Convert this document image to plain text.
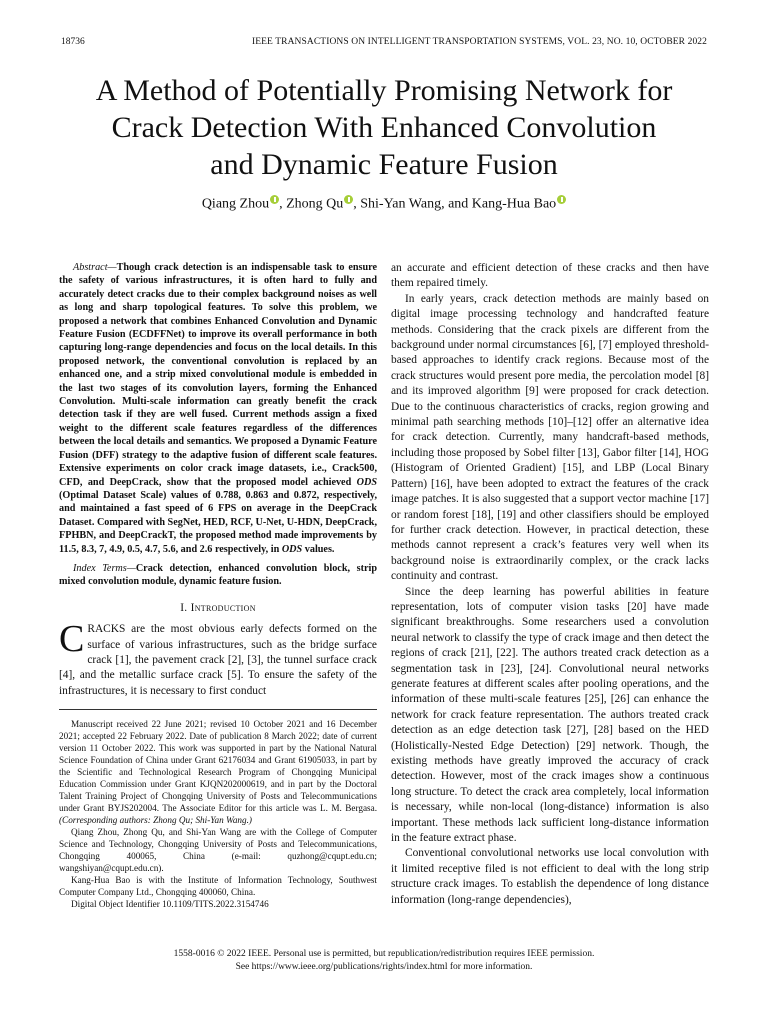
18736	IEEE TRANSACTIONS ON INTELLIGENT TRANSPORTATION SYSTEMS, VOL. 23, NO. 10, OCTOBER 2022
A Method of Potentially Promising Network for
Crack Detection With Enhanced Convolution
and Dynamic Feature Fusion
Qiang Zhou , Zhong Qu , Shi-Yan Wang, and Kang-Hua Bao

Abstract—Though crack detection is an indispensable task to ensure the safety of various infrastructures, it is often hard to fully and accurately detect cracks due to their complex background noises as well as long and sharp topological features. To solve this problem, we proposed a network that combines Enhanced Convolution and Dynamic Feature Fusion (ECDFFNet) to improve its overall performance in both capturing long-range dependencies and focus on the local details. In this proposed network, the conventional convolution is replaced by an enhanced one, and a strip mixed convolutional module is embedded in the last two stages of its convolution layers, forming the Enhanced Convolution. Multi-scale information can greatly benefit the crack detection task if they are well fused. Current methods assign a fixed weight to the different scale features regardless of the differences between the local details and semantics. We proposed a Dynamic Feature Fusion (DFF) strategy to the adaptive fusion of different scale features. Extensive experiments on color crack image datasets, i.e., Crack500, CFD, and DeepCrack, show that the proposed model achieved ODS (Optimal Dataset Scale) values of 0.788, 0.863 and 0.872, respectively, and maintained a fast speed of 6 FPS on average in the DeepCrack Dataset. Compared with SegNet, HED, RCF, U-Net, U-HDN, DeepCrack, FPHBN, and DeepCrackT, the proposed method made improvements by 11.5, 8.3, 7, 4.9, 0.5, 4.7, 5.6, and 2.6 respectively, in ODS values.

Index Terms—Crack detection, enhanced convolution block, strip mixed convolution module, dynamic feature fusion.

I. Introduction

CRACKS are the most obvious early defects formed on the surface of various infrastructures, such as the bridge surface crack [1], the pavement crack [2], [3], the tunnel surface crack [4], and the metallic surface crack [5]. To ensure the safety of the infrastructures, it is necessary to first conduct

Manuscript received 22 June 2021; revised 10 October 2021 and 16 December 2021; accepted 22 February 2022. Date of publication 8 March 2022; date of current version 11 October 2022. This work was supported in part by the National Natural Science Foundation of China under Grant 62176034 and Grant 61905033, in part by the Scientific and Technological Research Program of Chongqing Municipal Education Commission under Grant KJQN202000619, and in part by the Doctoral Talent Training Project of Chongqing University of Posts and Telecommunications under Grant BYJS202004. The Associate Editor for this article was L. M. Bergasa. (Corresponding authors: Zhong Qu; Shi-Yan Wang.)

Qiang Zhou, Zhong Qu, and Shi-Yan Wang are with the College of Computer Science and Technology, Chongqing University of Posts and Telecommunications, Chongqing 400065, China (e-mail: quzhong@cqupt.edu.cn; wangshiyan@cqupt.edu.cn).

Kang-Hua Bao is with the Institute of Information Technology, Southwest Computer Company Ltd., Chongqing 400060, China.

Digital Object Identifier 10.1109/TITS.2022.3154746

an accurate and efficient detection of these cracks and then have them repaired timely.

In early years, crack detection methods are mainly based on digital image processing technology and handcrafted feature methods. Considering that the crack pixels are different from the background under normal circumstances [6], [7] employed threshold-based approaches to identify crack regions. Because most of the crack structures would present pore media, the percolation model [8] and its improved algorithm [9] were proposed for crack detection. Due to the continuous characteristics of cracks, region growing and minimal path searching methods [10]–[12] offer an alternative idea for crack detection. Currently, many handcraft-based methods, including those proposed by Sobel filter [13], Gabor filter [14], HOG (Histogram of Oriented Gradient) [15], and LBP (Local Binary Pattern) [16], have been adopted to extract the features of the crack image patches. It is also suggested that a support vector machine [17] or random forest [18], [19] and other classifiers should be employed for further crack detection. However, in practical detection, these methods cannot represent a crack’s features very well when its background noise is extraordinarily complex, or the crack lacks continuity and contrast.

Since the deep learning has powerful abilities in feature representation, lots of computer vision tasks [20] have made significant breakthroughs. Some researchers used a convolution neural network to classify the type of crack image and then detect the regions of crack [21], [22]. The authors treated crack detection as a segmentation task in [23], [24]. Convolutional neural networks generate features at different scales after pooling operations, and the information of these multi-scale features [25], [26] can enhance the network for crack feature representation. The authors treated crack detection as an edge detection task [27], [28] based on the HED (Holistically-Nested Edge Detection) [29] network. Though, the existing methods have greatly improved the accuracy of crack detection. However, most of the crack images show a continuous long structure. To detect the crack area completely, local information is necessary, while non-local (long-distance) information is also important. These methods lack sufficient long-distance information in the feature extract phase.

Conventional convolutional networks use local convolution with it limited receptive filed is not efficient to deal with the long strip structure crack images. To establish the dependence of long distance information (long-range dependencies),

1558-0016 © 2022 IEEE. Personal use is permitted, but republication/redistribution requires IEEE permission.
See https://www.ieee.org/publications/rights/index.html for more information.
